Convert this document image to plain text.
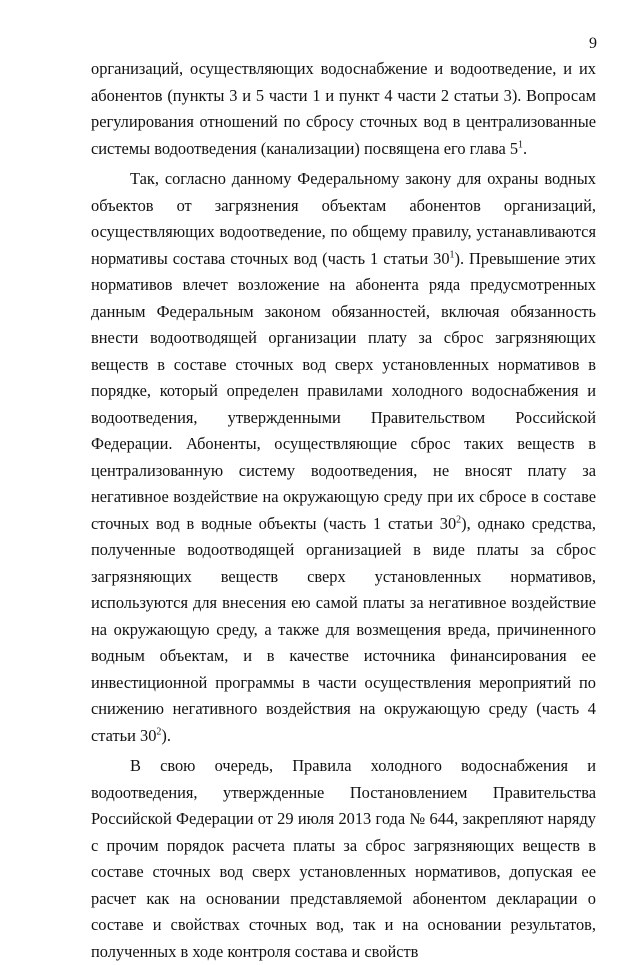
9

организаций, осуществляющих водоснабжение и водоотведение, и их абонентов (пункты 3 и 5 части 1 и пункт 4 части 2 статьи 3). Вопросам регулирования отношений по сбросу сточных вод в централизованные системы водоотведения (канализации) посвящена его глава 5$^1$.

Так, согласно данному Федеральному закону для охраны водных объектов от загрязнения объектам абонентов организаций, осуществляющих водоотведение, по общему правилу, устанавливаются нормативы состава сточных вод (часть 1 статьи 30$^1$). Превышение этих нормативов влечет возложение на абонента ряда предусмотренных данным Федеральным законом обязанностей, включая обязанность внести водоотводящей организации плату за сброс загрязняющих веществ в составе сточных вод сверх установленных нормативов в порядке, который определен правилами холодного водоснабжения и водоотведения, утвержденными Правительством Российской Федерации. Абоненты, осуществляющие сброс таких веществ в централизованную систему водоотведения, не вносят плату за негативное воздействие на окружающую среду при их сбросе в составе сточных вод в водные объекты (часть 1 статьи 30$^2$), однако средства, полученные водоотводящей организацией в виде платы за сброс загрязняющих веществ сверх установленных нормативов, используются для внесения ею самой платы за негативное воздействие на окружающую среду, а также для возмещения вреда, причиненного водным объектам, и в качестве источника финансирования ее инвестиционной программы в части осуществления мероприятий по снижению негативного воздействия на окружающую среду (часть 4 статьи 30$^2$).

В свою очередь, Правила холодного водоснабжения и водоотведения, утвержденные Постановлением Правительства Российской Федерации от 29 июля 2013 года № 644, закрепляют наряду с прочим порядок расчета платы за сброс загрязняющих веществ в составе сточных вод сверх установленных нормативов, допуская ее расчет как на основании представляемой абонентом декларации о составе и свойствах сточных вод, так и на основании результатов, полученных в ходе контроля состава и свойств
